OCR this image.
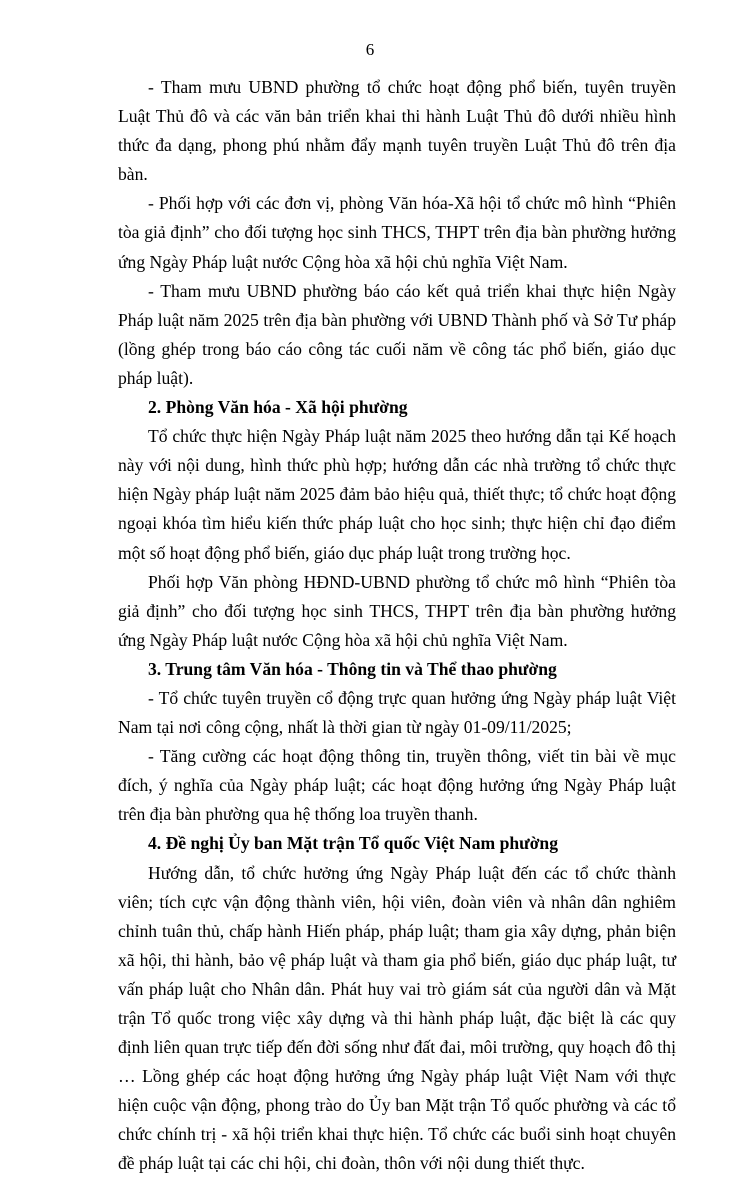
6

- Tham mưu UBND phường tổ chức hoạt động phổ biến, tuyên truyền Luật Thủ đô và các văn bản triển khai thi hành Luật Thủ đô dưới nhiều hình thức đa dạng, phong phú nhằm đẩy mạnh tuyên truyền Luật Thủ đô trên địa bàn.

- Phối hợp với các đơn vị, phòng Văn hóa-Xã hội tổ chức mô hình “Phiên tòa giả định” cho đối tượng học sinh THCS, THPT trên địa bàn phường hưởng ứng Ngày Pháp luật nước Cộng hòa xã hội chủ nghĩa Việt Nam.

- Tham mưu UBND phường báo cáo kết quả triển khai thực hiện Ngày Pháp luật năm 2025 trên địa bàn phường với UBND Thành phố và Sở Tư pháp (lồng ghép trong báo cáo công tác cuối năm về công tác phổ biến, giáo dục pháp luật).

2. Phòng Văn hóa - Xã hội phường

Tổ chức thực hiện Ngày Pháp luật năm 2025 theo hướng dẫn tại Kế hoạch này với nội dung, hình thức phù hợp; hướng dẫn các nhà trường tổ chức thực hiện Ngày pháp luật năm 2025 đảm bảo hiệu quả, thiết thực; tổ chức hoạt động ngoại khóa tìm hiểu kiến thức pháp luật cho học sinh; thực hiện chỉ đạo điểm một số hoạt động phổ biến, giáo dục pháp luật trong trường học.

Phối hợp Văn phòng HĐND-UBND phường tổ chức mô hình “Phiên tòa giả định” cho đối tượng học sinh THCS, THPT trên địa bàn phường hưởng ứng Ngày Pháp luật nước Cộng hòa xã hội chủ nghĩa Việt Nam.

3. Trung tâm Văn hóa - Thông tin và Thể thao phường

- Tổ chức tuyên truyền cổ động trực quan hưởng ứng Ngày pháp luật Việt Nam tại nơi công cộng, nhất là thời gian từ ngày 01-09/11/2025;

- Tăng cường các hoạt động thông tin, truyền thông, viết tin bài về mục đích, ý nghĩa của Ngày pháp luật; các hoạt động hưởng ứng Ngày Pháp luật trên địa bàn phường qua hệ thống loa truyền thanh.

4. Đề nghị Ủy ban Mặt trận Tổ quốc Việt Nam phường

Hướng dẫn, tổ chức hưởng ứng Ngày Pháp luật đến các tổ chức thành viên; tích cực vận động thành viên, hội viên, đoàn viên và nhân dân nghiêm chỉnh tuân thủ, chấp hành Hiến pháp, pháp luật; tham gia xây dựng, phản biện xã hội, thi hành, bảo vệ pháp luật và tham gia phổ biến, giáo dục pháp luật, tư vấn pháp luật cho Nhân dân. Phát huy vai trò giám sát của người dân và Mặt trận Tổ quốc trong việc xây dựng và thi hành pháp luật, đặc biệt là các quy định liên quan trực tiếp đến đời sống như đất đai, môi trường, quy hoạch đô thị … Lồng ghép các hoạt động hưởng ứng Ngày pháp luật Việt Nam với thực hiện cuộc vận động, phong trào do Ủy ban Mặt trận Tổ quốc phường và các tổ chức chính trị - xã hội triển khai thực hiện. Tổ chức các buổi sinh hoạt chuyên đề pháp luật tại các chi hội, chi đoàn, thôn với nội dung thiết thực.
